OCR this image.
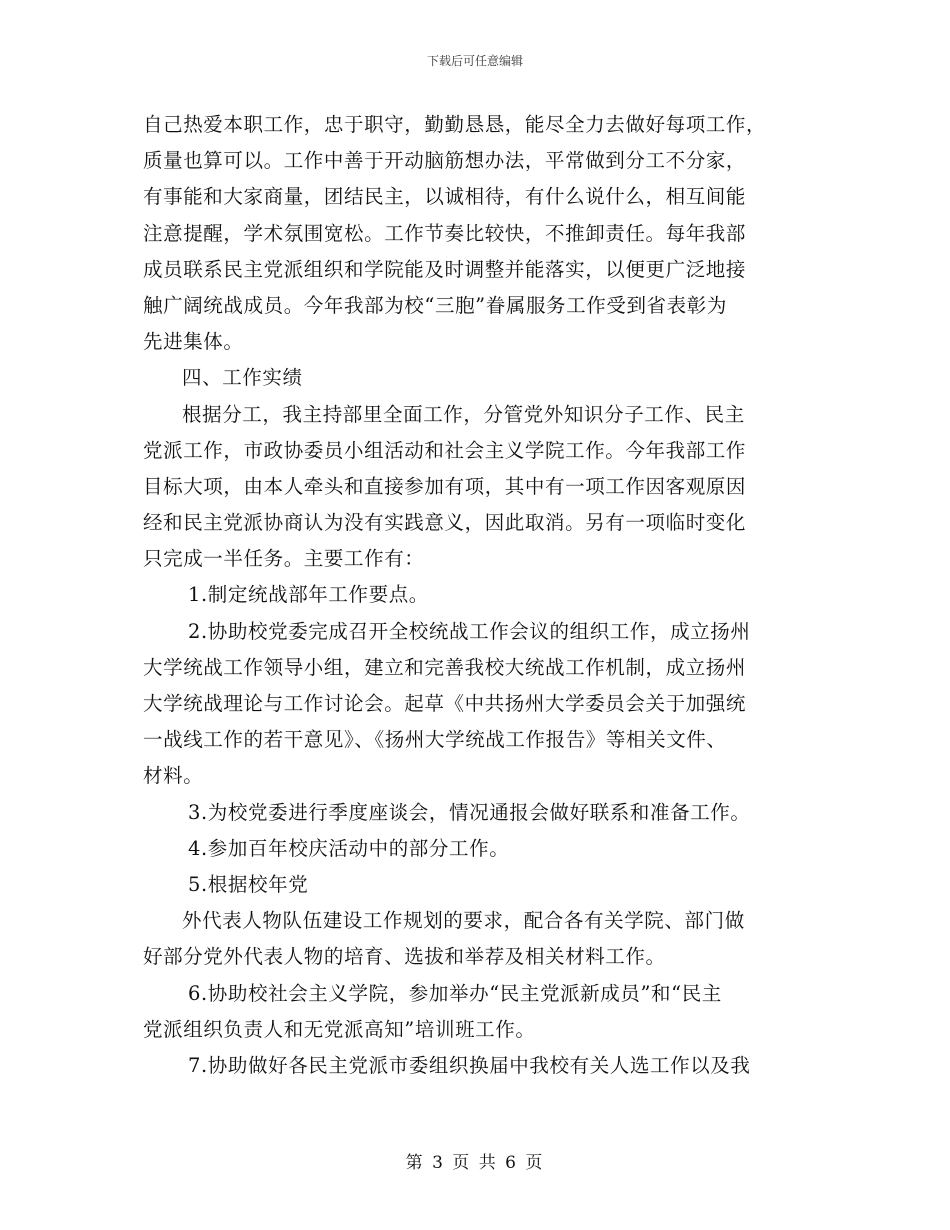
下载后可任意编辑
自己热爱本职工作，忠于职守，勤勤恳恳，能尽全力去做好每项工作，
质量也算可以。工作中善于开动脑筋想办法，平常做到分工不分家，
有事能和大家商量，团结民主，以诚相待，有什么说什么，相互间能
注意提醒，学术氛围宽松。工作节奏比较快，不推卸责任。每年我部
成员联系民主党派组织和学院能及时调整并能落实，以便更广泛地接
触广阔统战成员。今年我部为校“三胞”眷属服务工作受到省表彰为
先进集体。
四、工作实绩
根据分工，我主持部里全面工作，分管党外知识分子工作、民主
党派工作，市政协委员小组活动和社会主义学院工作。今年我部工作
目标大项，由本人牵头和直接参加有项，其中有一项工作因客观原因
经和民主党派协商认为没有实践意义，因此取消。另有一项临时变化
只完成一半任务。主要工作有：
1.制定统战部年工作要点。
2.协助校党委完成召开全校统战工作会议的组织工作，成立扬州
大学统战工作领导小组，建立和完善我校大统战工作机制，成立扬州
大学统战理论与工作讨论会。起草《中共扬州大学委员会关于加强统
一战线工作的若干意见》、《扬州大学统战工作报告》等相关文件、
材料。
3.为校党委进行季度座谈会，情况通报会做好联系和准备工作。
4.参加百年校庆活动中的部分工作。
5.根据校年党
外代表人物队伍建设工作规划的要求，配合各有关学院、部门做
好部分党外代表人物的培育、选拔和举荐及相关材料工作。
6.协助校社会主义学院，参加举办“民主党派新成员”和“民主
党派组织负责人和无党派高知”培训班工作。
7.协助做好各民主党派市委组织换届中我校有关人选工作以及我
第 3 页 共 6 页
